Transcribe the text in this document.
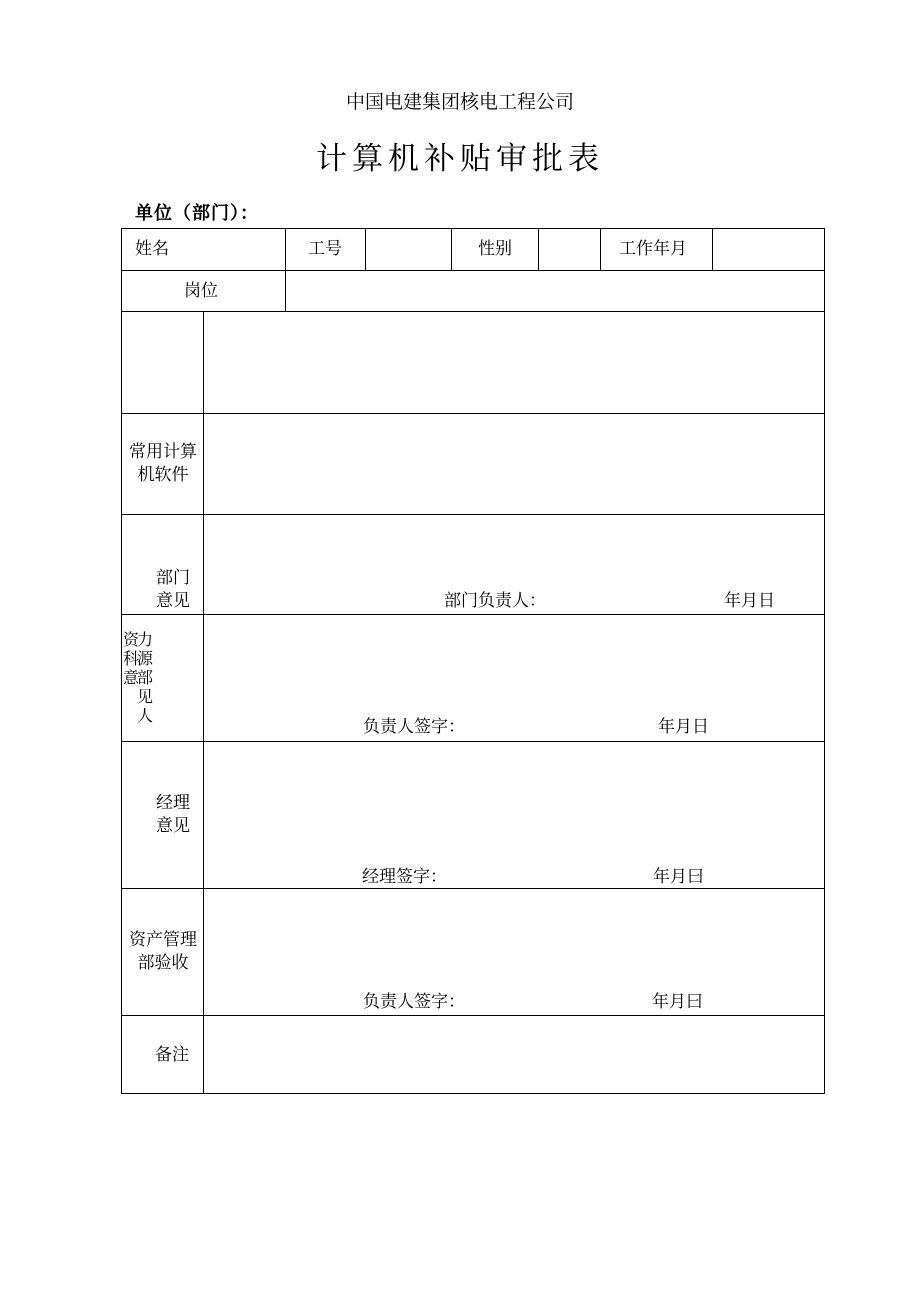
中国电建集团核电工程公司
计算机补贴审批表
单位（部门）：
姓名	工号	性别	工作年月
岗位
常用计算
机软件
部门
意见	部门负责人：	年月日
资科意
力源部见人
负责人签字：	年月日
经理
意见
经理签字：	年月曰
资产管理
部验收
负责人签字：	年月曰
备注
